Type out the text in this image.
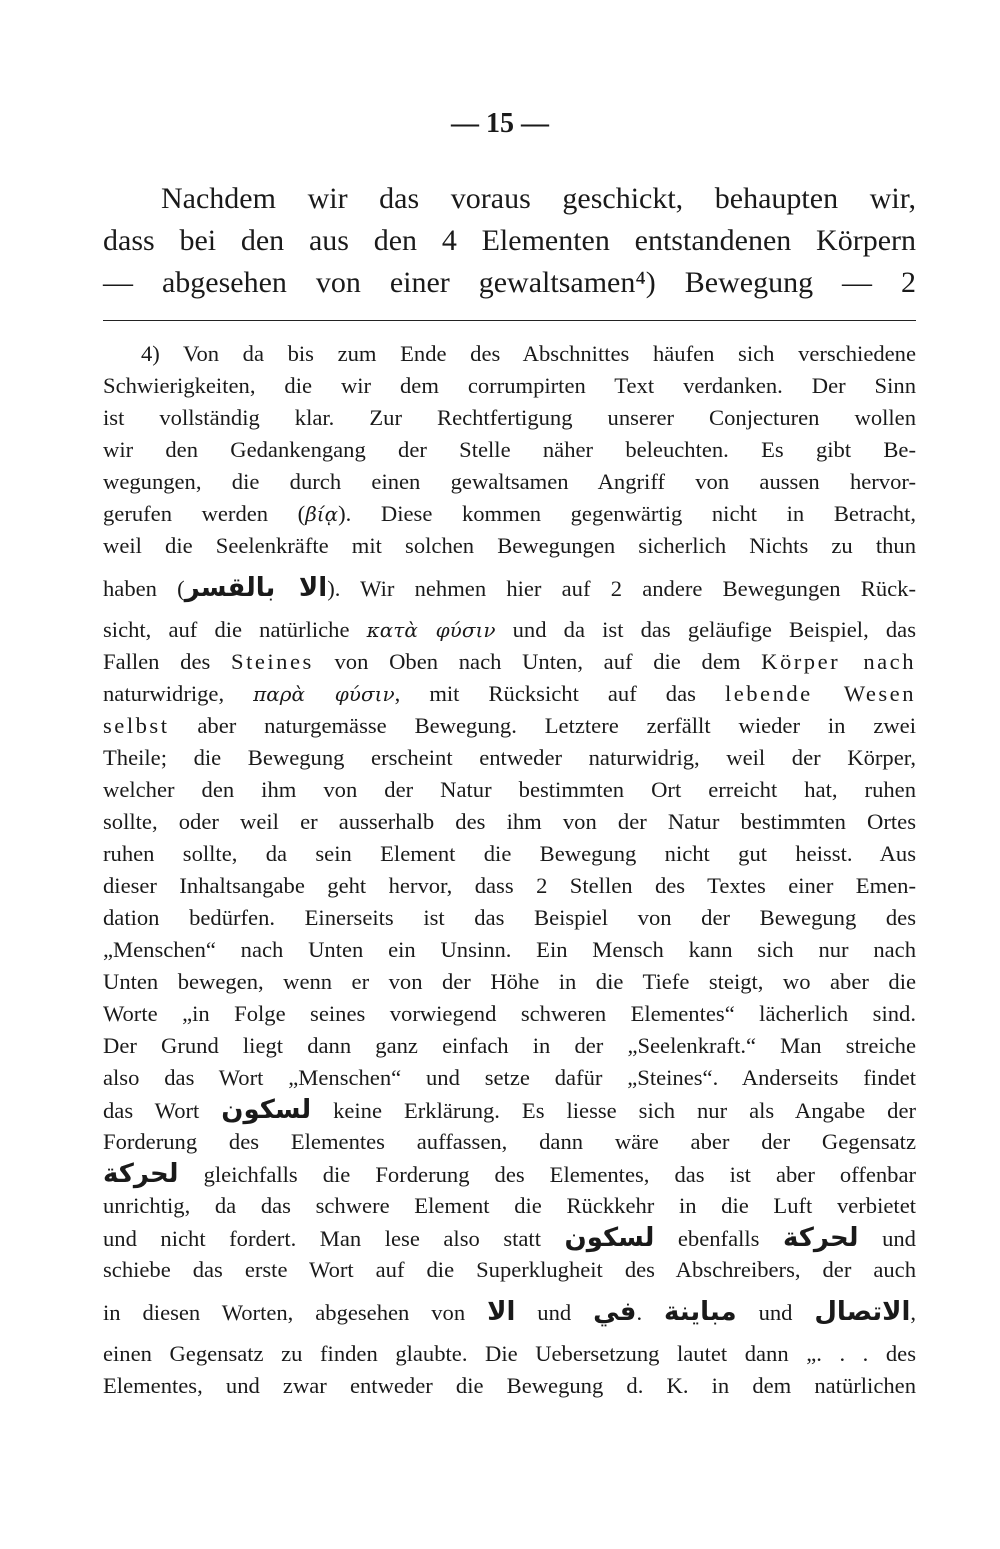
— 15 —
Nachdem wir das voraus geschickt, behaupten wir,
dass bei den aus den 4 Elementen entstandenen Körpern
— abgesehen von einer gewaltsamen⁴) Bewegung — 2
4) Von da bis zum Ende des Abschnittes häufen sich verschiedene
Schwierigkeiten, die wir dem corrumpirten Text verdanken. Der Sinn
ist vollständig klar. Zur Rechtfertigung unserer Conjecturen wollen
wir den Gedankengang der Stelle näher beleuchten. Es gibt Be-
wegungen, die durch einen gewaltsamen Angriff von aussen hervor-
gerufen werden (βίᾳ). Diese kommen gegenwärtig nicht in Betracht,
weil die Seelenkräfte mit solchen Bewegungen sicherlich Nichts zu thun
haben (الا بالقسر). Wir nehmen hier auf 2 andere Bewegungen Rück-
sicht, auf die natürliche κατὰ φύσιν und da ist das geläufige Beispiel, das
Fallen des Steines von Oben nach Unten, auf die dem Körper nach
naturwidrige, παρὰ φύσιν, mit Rücksicht auf das lebende Wesen
selbst aber naturgemässe Bewegung. Letztere zerfällt wieder in zwei
Theile; die Bewegung erscheint entweder naturwidrig, weil der Körper,
welcher den ihm von der Natur bestimmten Ort erreicht hat, ruhen
sollte, oder weil er ausserhalb des ihm von der Natur bestimmten Ortes
ruhen sollte, da sein Element die Bewegung nicht gut heisst. Aus
dieser Inhaltsangabe geht hervor, dass 2 Stellen des Textes einer Emen-
dation bedürfen. Einerseits ist das Beispiel von der Bewegung des
„Menschen“ nach Unten ein Unsinn. Ein Mensch kann sich nur nach
Unten bewegen, wenn er von der Höhe in die Tiefe steigt, wo aber die
Worte „in Folge seines vorwiegend schweren Elementes“ lächerlich sind.
Der Grund liegt dann ganz einfach in der „Seelenkraft.“ Man streiche
also das Wort „Menschen“ und setze dafür „Steines“. Anderseits findet
das Wort لسكون keine Erklärung. Es liesse sich nur als Angabe der
Forderung des Elementes auffassen, dann wäre aber der Gegensatz
لحركة gleichfalls die Forderung des Elementes, das ist aber offenbar
unrichtig, da das schwere Element die Rückkehr in die Luft verbietet
und nicht fordert. Man lese also statt لسكون ebenfalls لحركة und
schiebe das erste Wort auf die Superklugheit des Abschreibers, der auch
in diesen Worten, abgesehen von الا und في. مباينة und الاتصال,
einen Gegensatz zu finden glaubte. Die Uebersetzung lautet dann „. . . des
Elementes, und zwar entweder die Bewegung d. K. in dem natürlichen
